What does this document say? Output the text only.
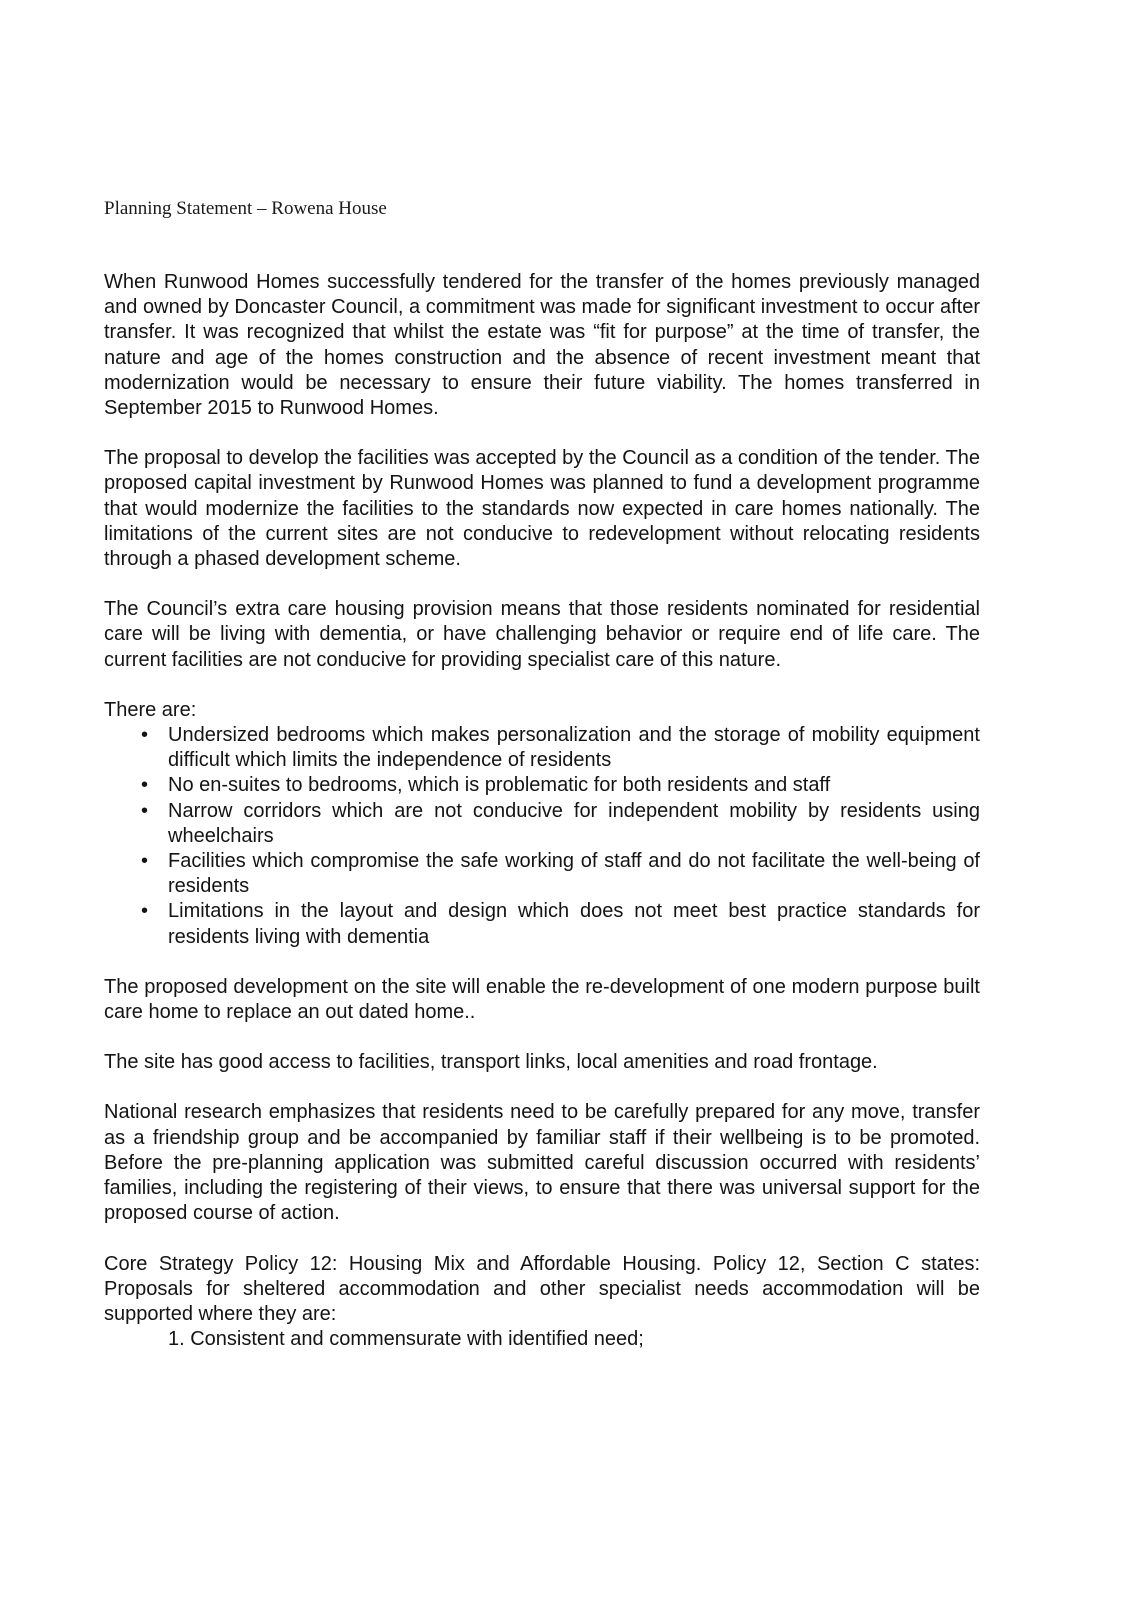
Planning Statement – Rowena House

When Runwood Homes successfully tendered for the transfer of the homes previously managed and owned by Doncaster Council, a commitment was made for significant investment to occur after transfer. It was recognized that whilst the estate was “fit for purpose” at the time of transfer, the nature and age of the homes construction and the absence of recent investment meant that modernization would be necessary to ensure their future viability. The homes transferred in September 2015 to Runwood Homes.

The proposal to develop the facilities was accepted by the Council as a condition of the tender. The proposed capital investment by Runwood Homes was planned to fund a development programme that would modernize the facilities to the standards now expected in care homes nationally. The limitations of the current sites are not conducive to redevelopment without relocating residents through a phased development scheme.

The Council’s extra care housing provision means that those residents nominated for residential care will be living with dementia, or have challenging behavior or require end of life care. The current facilities are not conducive for providing specialist care of this nature.

There are:

• Undersized bedrooms which makes personalization and the storage of mobility equipment difficult which limits the independence of residents
• No en-suites to bedrooms, which is problematic for both residents and staff
• Narrow corridors which are not conducive for independent mobility by residents using wheelchairs
• Facilities which compromise the safe working of staff and do not facilitate the well-being of residents
• Limitations in the layout and design which does not meet best practice standards for residents living with dementia

The proposed development on the site will enable the re-development of one modern purpose built care home to replace an out dated home..

The site has good access to facilities, transport links, local amenities and road frontage.

National research emphasizes that residents need to be carefully prepared for any move, transfer as a friendship group and be accompanied by familiar staff if their wellbeing is to be promoted. Before the pre-planning application was submitted careful discussion occurred with residents’ families, including the registering of their views, to ensure that there was universal support for the proposed course of action.

Core Strategy Policy 12: Housing Mix and Affordable Housing. Policy 12, Section C states: Proposals for sheltered accommodation and other specialist needs accommodation will be supported where they are:

1. Consistent and commensurate with identified need;
